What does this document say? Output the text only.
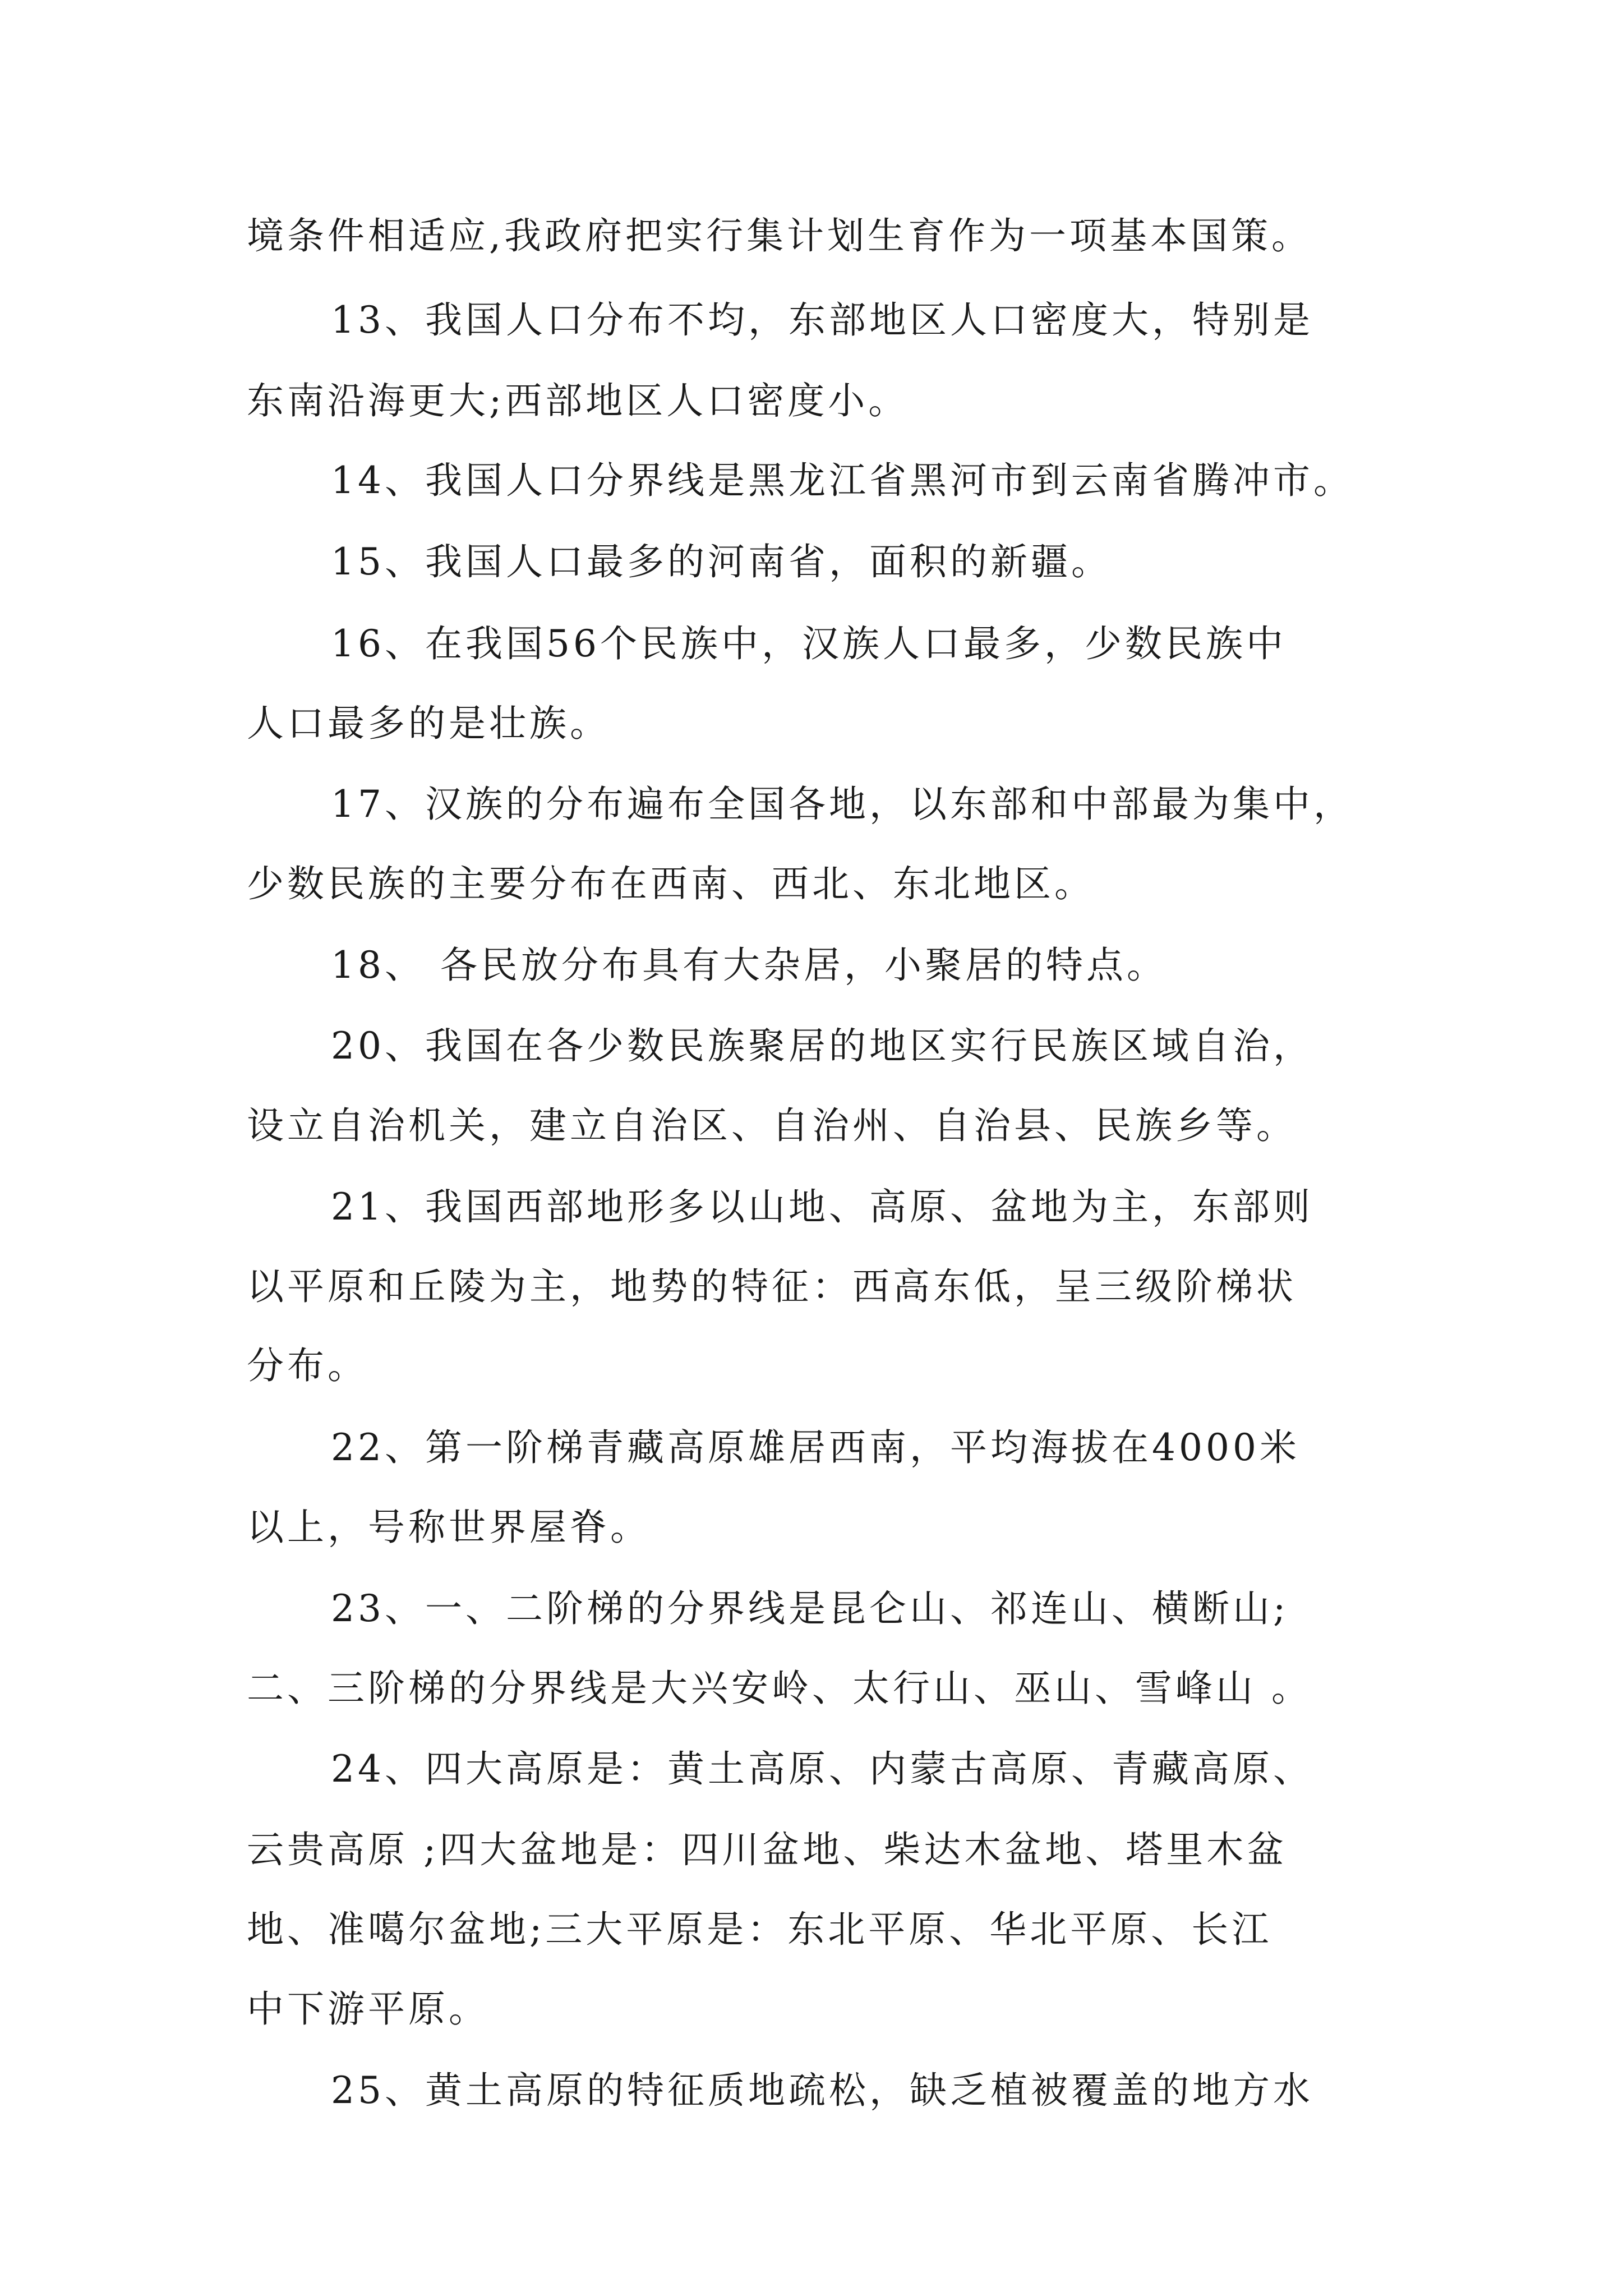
境条件相适应,我政府把实行集计划生育作为一项基本国策。
13、我国人口分布不均，东部地区人口密度大，特别是
东南沿海更大;西部地区人口密度小。
14、我国人口分界线是黑龙江省黑河市到云南省腾冲市。
15、我国人口最多的河南省，面积的新疆。
16、在我国56个民族中，汉族人口最多，少数民族中
人口最多的是壮族。
17、汉族的分布遍布全国各地，以东部和中部最为集中，
少数民族的主要分布在西南、西北、东北地区。
18、 各民放分布具有大杂居，小聚居的特点。
20、我国在各少数民族聚居的地区实行民族区域自治，
设立自治机关，建立自治区、自治州、自治县、民族乡等。
21、我国西部地形多以山地、高原、盆地为主，东部则
以平原和丘陵为主，地势的特征：西高东低，呈三级阶梯状
分布。
22、第一阶梯青藏高原雄居西南，平均海拔在4000米
以上，号称世界屋脊。
23、一、二阶梯的分界线是昆仑山、祁连山、横断山;
二、三阶梯的分界线是大兴安岭、太行山、巫山、雪峰山 。
24、四大高原是：黄土高原、内蒙古高原、青藏高原、
云贵高原 ;四大盆地是：四川盆地、柴达木盆地、塔里木盆
地、准噶尔盆地;三大平原是：东北平原、华北平原、长江
中下游平原。
25、黄土高原的特征质地疏松，缺乏植被覆盖的地方水
